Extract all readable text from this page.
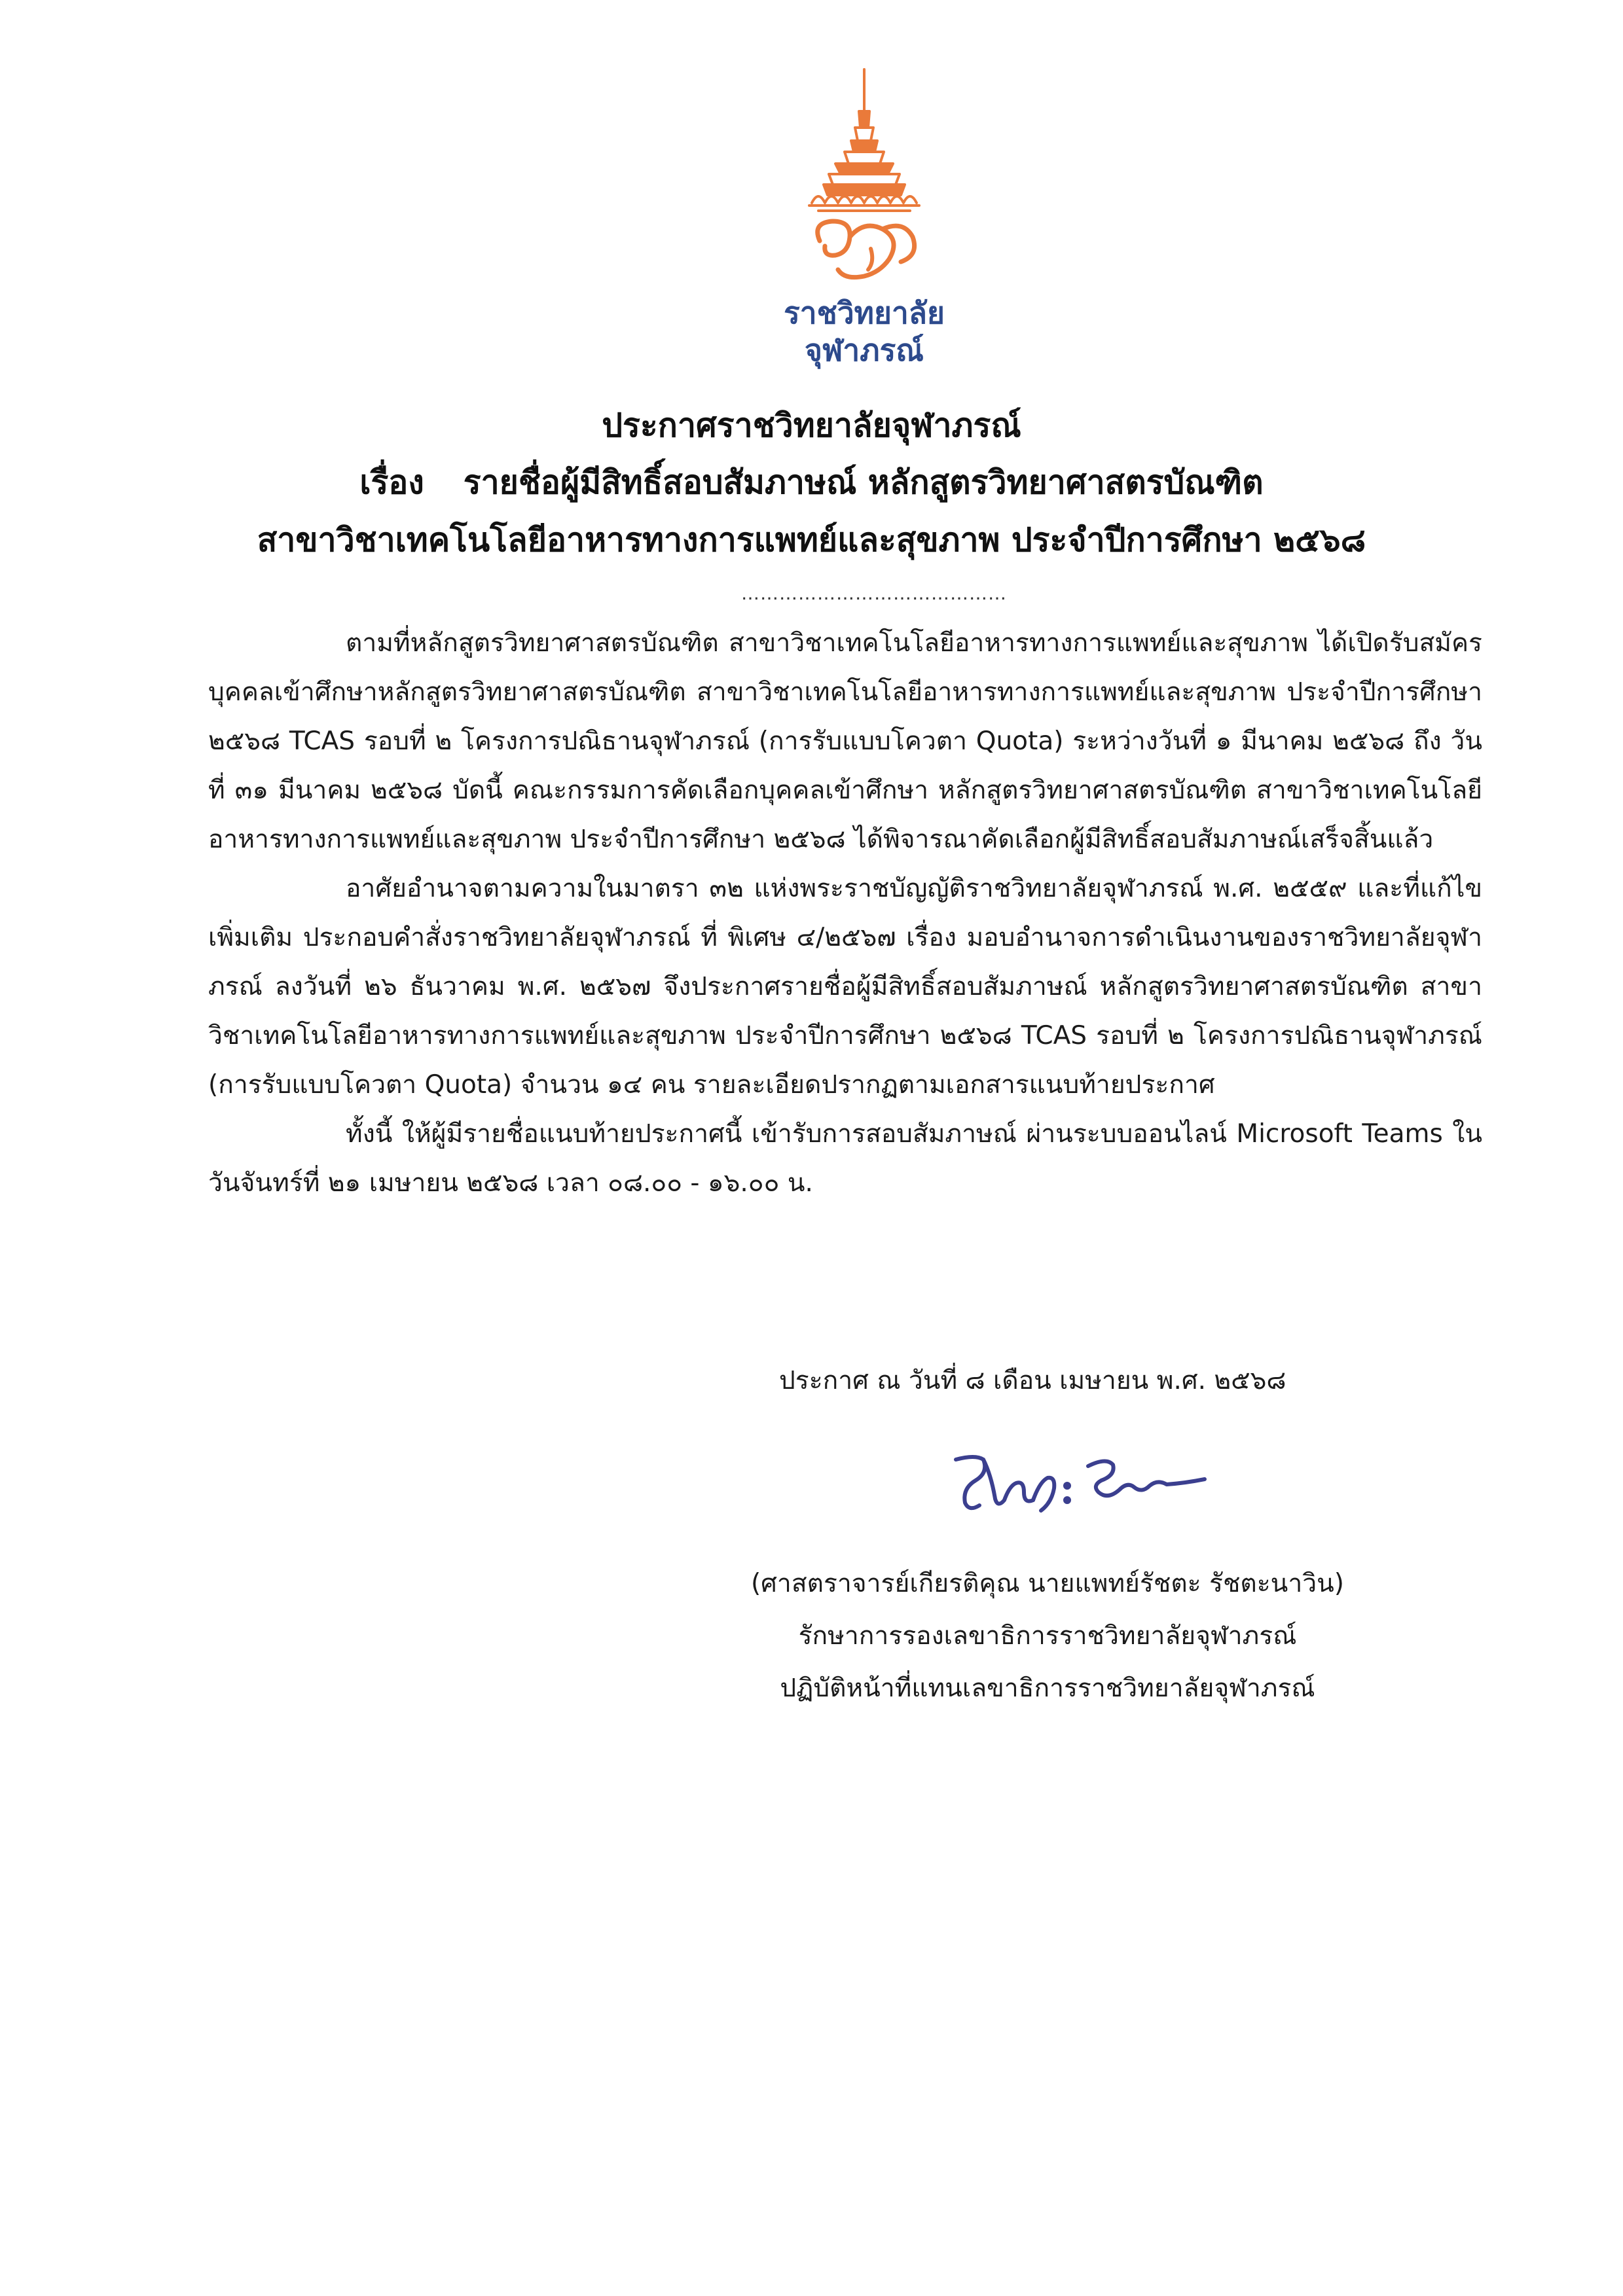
ราชวิทยาลัย
จุฬาภรณ์
ประกาศราชวิทยาลัยจุฬาภรณ์
เรื่อง รายชื่อผู้มีสิทธิ์สอบสัมภาษณ์ หลักสูตรวิทยาศาสตรบัณฑิต
สาขาวิชาเทคโนโลยีอาหารทางการแพทย์และสุขภาพ ประจำปีการศึกษา ๒๕๖๘
……………………………………

ตามที่หลักสูตรวิทยาศาสตรบัณฑิต สาขาวิชาเทคโนโลยีอาหารทางการแพทย์และสุขภาพ ได้เปิดรับสมัครบุคคลเข้าศึกษาหลักสูตรวิทยาศาสตรบัณฑิต สาขาวิชาเทคโนโลยีอาหารทางการแพทย์และสุขภาพ ประจำปีการศึกษา ๒๕๖๘ TCAS รอบที่ ๒ โครงการปณิธานจุฬาภรณ์ (การรับแบบโควตา Quota) ระหว่างวันที่ ๑ มีนาคม ๒๕๖๘ ถึง วันที่ ๓๑ มีนาคม ๒๕๖๘ บัดนี้ คณะกรรมการคัดเลือกบุคคลเข้าศึกษา หลักสูตรวิทยาศาสตรบัณฑิต สาขาวิชาเทคโนโลยีอาหารทางการแพทย์และสุขภาพ ประจำปีการศึกษา ๒๕๖๘ ได้พิจารณาคัดเลือกผู้มีสิทธิ์สอบสัมภาษณ์เสร็จสิ้นแล้ว

อาศัยอำนาจตามความในมาตรา ๓๒ แห่งพระราชบัญญัติราชวิทยาลัยจุฬาภรณ์ พ.ศ. ๒๕๕๙ และที่แก้ไขเพิ่มเติม ประกอบคำสั่งราชวิทยาลัยจุฬาภรณ์ ที่ พิเศษ ๔/๒๕๖๗ เรื่อง มอบอำนาจการดำเนินงานของราชวิทยาลัยจุฬาภรณ์ ลงวันที่ ๒๖ ธันวาคม พ.ศ. ๒๕๖๗ จึงประกาศรายชื่อผู้มีสิทธิ์สอบสัมภาษณ์ หลักสูตรวิทยาศาสตรบัณฑิต สาขาวิชาเทคโนโลยีอาหารทางการแพทย์และสุขภาพ ประจำปีการศึกษา ๒๕๖๘ TCAS รอบที่ ๒ โครงการปณิธานจุฬาภรณ์ (การรับแบบโควตา Quota) จำนวน ๑๔ คน รายละเอียดปรากฏตามเอกสารแนบท้ายประกาศ

ทั้งนี้ ให้ผู้มีรายชื่อแนบท้ายประกาศนี้ เข้ารับการสอบสัมภาษณ์ ผ่านระบบออนไลน์ Microsoft Teams ในวันจันทร์ที่ ๒๑ เมษายน ๒๕๖๘ เวลา ๐๘.๐๐ - ๑๖.๐๐ น.

ประกาศ ณ วันที่ ๘ เดือน เมษายน พ.ศ. ๒๕๖๘
(ศาสตราจารย์เกียรติคุณ นายแพทย์รัชตะ รัชตะนาวิน)
รักษาการรองเลขาธิการราชวิทยาลัยจุฬาภรณ์
ปฏิบัติหน้าที่แทนเลขาธิการราชวิทยาลัยจุฬาภรณ์
